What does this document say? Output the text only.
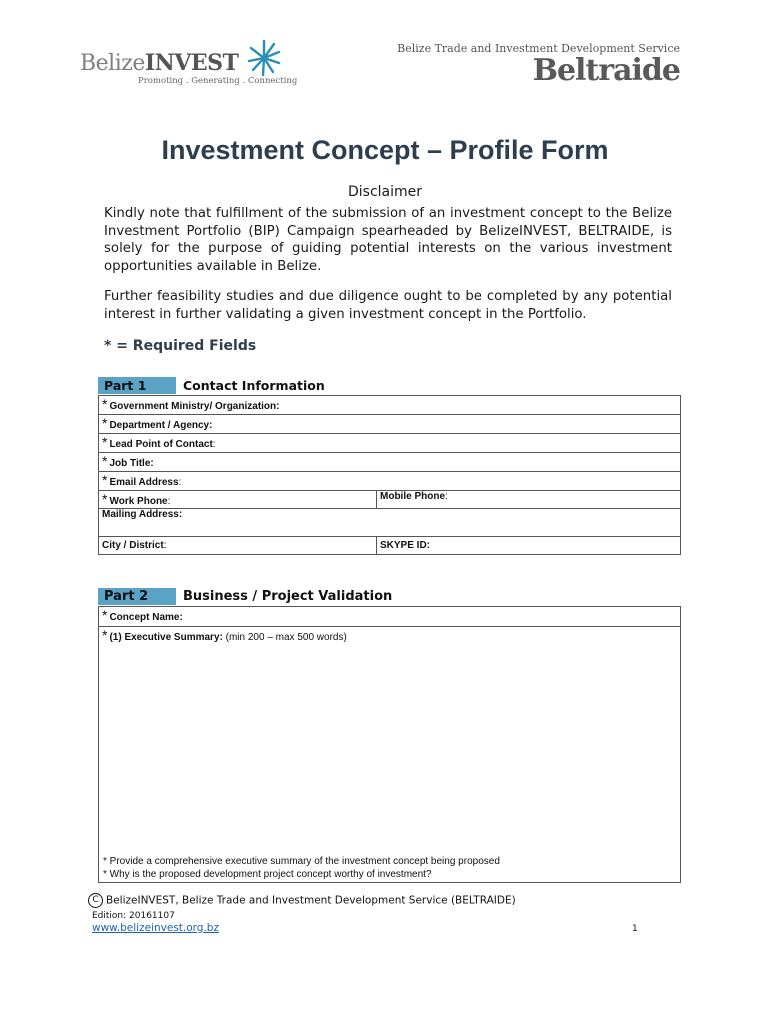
BelizeINVEST
Promoting . Generating . Connecting
Belize Trade and Investment Development Service
Beltraide
Investment Concept – Profile Form
Disclaimer
Kindly note that fulfillment of the submission of an investment concept to the Belize Investment Portfolio (BIP) Campaign spearheaded by BelizeINVEST, BELTRAIDE, is solely for the purpose of guiding potential interests on the various investment opportunities available in Belize.
Further feasibility studies and due diligence ought to be completed by any potential interest in further validating a given investment concept in the Portfolio.
* = Required Fields
Part 1	Contact Information
* Government Ministry/ Organization:	
* Department / Agency:	
* Lead Point of Contact:	
* Job Title:	
* Email Address:	
* Work Phone:	Mobile Phone:
Mailing Address:	
City / District:	SKYPE ID:
Part 2	Business / Project Validation
* Concept Name:
* (1) Executive Summary: (min 200 – max 500 words)
* Provide a comprehensive executive summary of the investment concept being proposed
* Why is the proposed development project concept worthy of investment?
C BelizeINVEST, Belize Trade and Investment Development Service (BELTRAIDE)
Edition: 20161107
www.belizeinvest.org.bz	1
